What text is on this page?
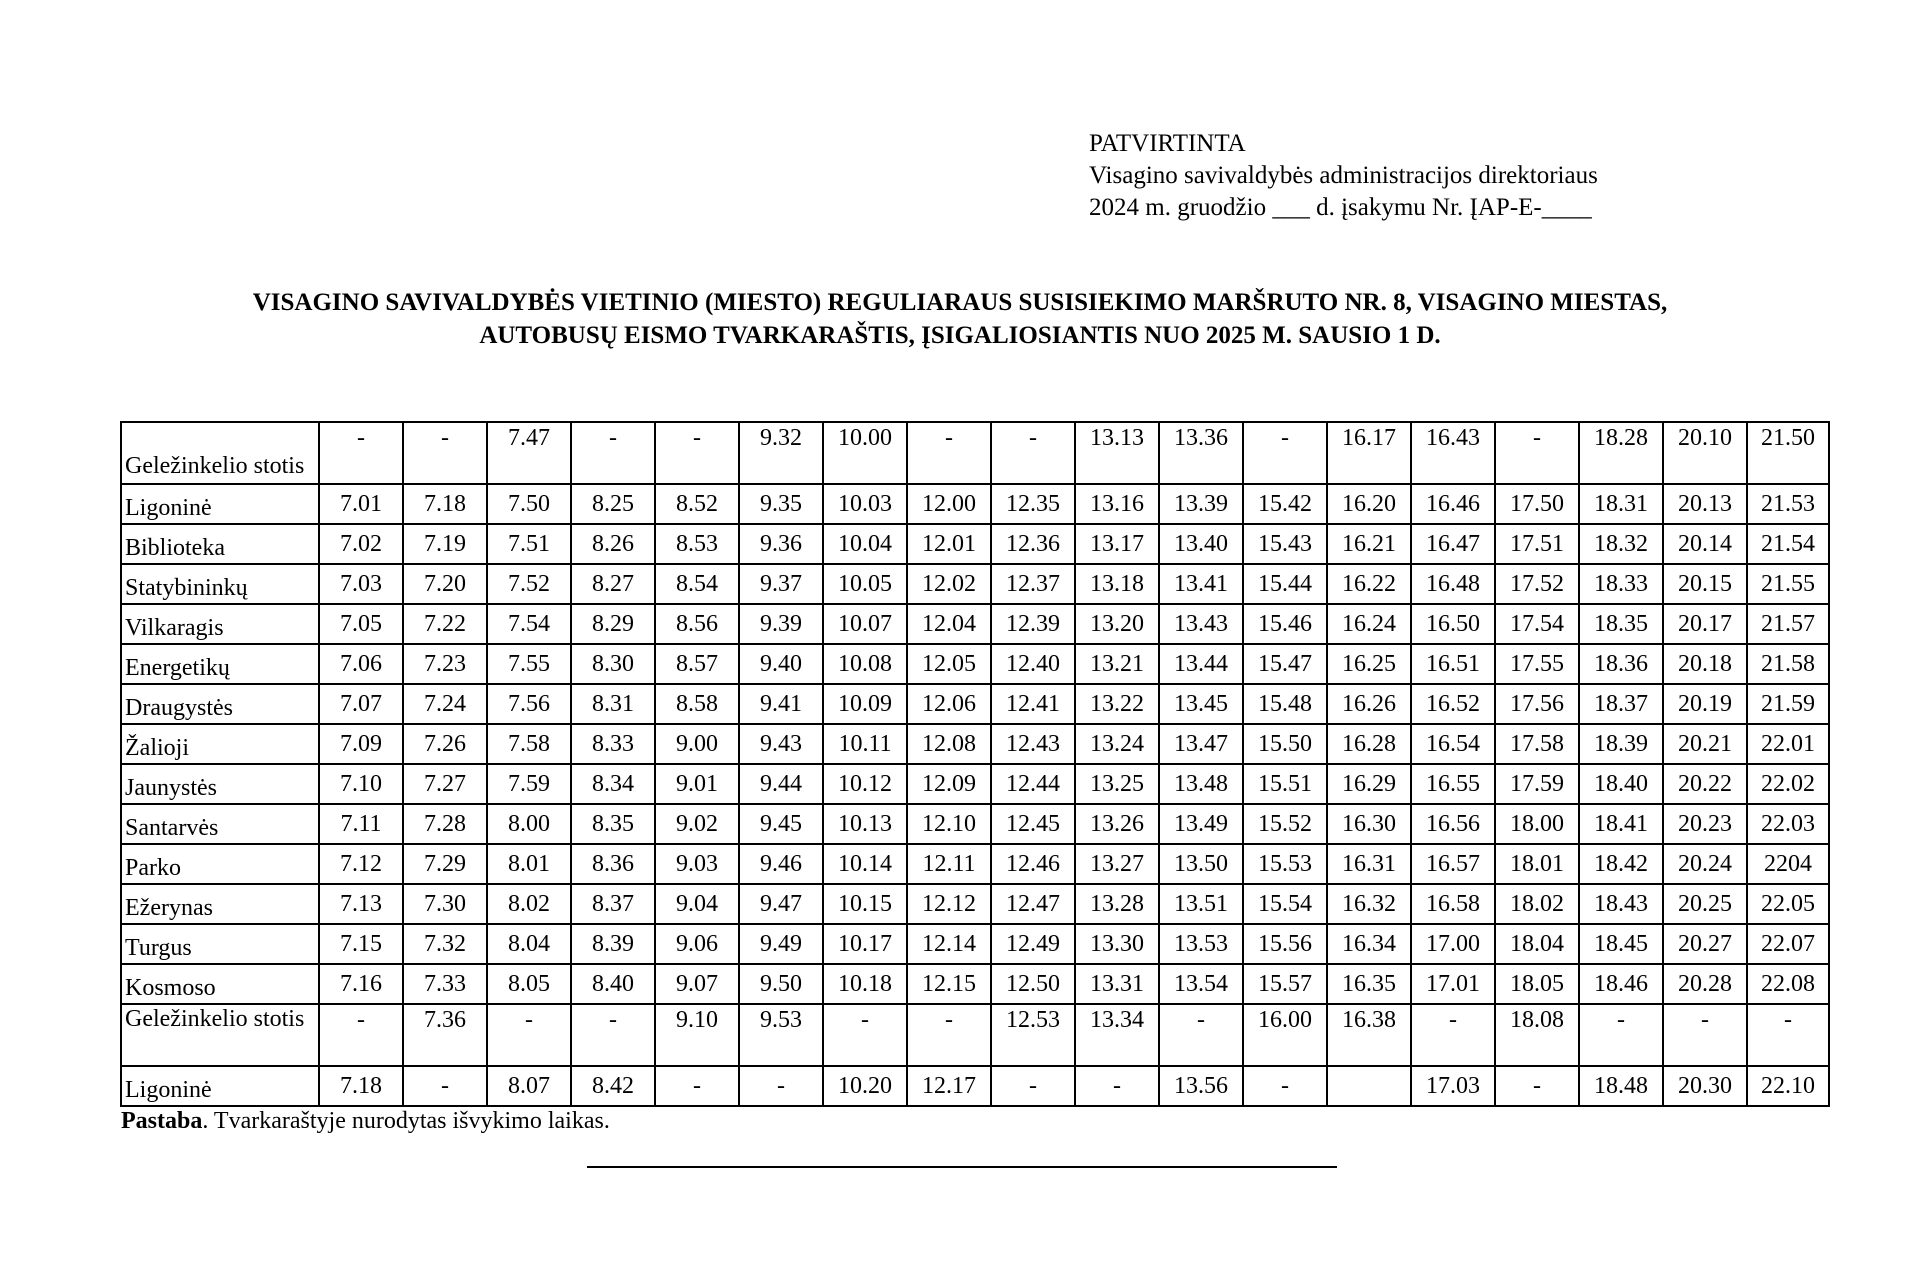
PATVIRTINTA
Visagino savivaldybės administracijos direktoriaus
2024 m. gruodžio ___ d. įsakymu Nr. ĮAP-E-____
VISAGINO SAVIVALDYBĖS VIETINIO (MIESTO) REGULIARAUS SUSISIEKIMO MARŠRUTO NR. 8, VISAGINO MIESTAS,
AUTOBUSŲ EISMO TVARKARAŠTIS, ĮSIGALIOSIANTIS NUO 2025 M. SAUSIO 1 D.
Geležinkelio stotis	-	-	7.47	-	-	9.32	10.00	-	-	13.13	13.36	-	16.17	16.43	-	18.28	20.10	21.50
Ligoninė	7.01	7.18	7.50	8.25	8.52	9.35	10.03	12.00	12.35	13.16	13.39	15.42	16.20	16.46	17.50	18.31	20.13	21.53
Biblioteka	7.02	7.19	7.51	8.26	8.53	9.36	10.04	12.01	12.36	13.17	13.40	15.43	16.21	16.47	17.51	18.32	20.14	21.54
Statybininkų	7.03	7.20	7.52	8.27	8.54	9.37	10.05	12.02	12.37	13.18	13.41	15.44	16.22	16.48	17.52	18.33	20.15	21.55
Vilkaragis	7.05	7.22	7.54	8.29	8.56	9.39	10.07	12.04	12.39	13.20	13.43	15.46	16.24	16.50	17.54	18.35	20.17	21.57
Energetikų	7.06	7.23	7.55	8.30	8.57	9.40	10.08	12.05	12.40	13.21	13.44	15.47	16.25	16.51	17.55	18.36	20.18	21.58
Draugystės	7.07	7.24	7.56	8.31	8.58	9.41	10.09	12.06	12.41	13.22	13.45	15.48	16.26	16.52	17.56	18.37	20.19	21.59
Žalioji	7.09	7.26	7.58	8.33	9.00	9.43	10.11	12.08	12.43	13.24	13.47	15.50	16.28	16.54	17.58	18.39	20.21	22.01
Jaunystės	7.10	7.27	7.59	8.34	9.01	9.44	10.12	12.09	12.44	13.25	13.48	15.51	16.29	16.55	17.59	18.40	20.22	22.02
Santarvės	7.11	7.28	8.00	8.35	9.02	9.45	10.13	12.10	12.45	13.26	13.49	15.52	16.30	16.56	18.00	18.41	20.23	22.03
Parko	7.12	7.29	8.01	8.36	9.03	9.46	10.14	12.11	12.46	13.27	13.50	15.53	16.31	16.57	18.01	18.42	20.24	2204
Ežerynas	7.13	7.30	8.02	8.37	9.04	9.47	10.15	12.12	12.47	13.28	13.51	15.54	16.32	16.58	18.02	18.43	20.25	22.05
Turgus	7.15	7.32	8.04	8.39	9.06	9.49	10.17	12.14	12.49	13.30	13.53	15.56	16.34	17.00	18.04	18.45	20.27	22.07
Kosmoso	7.16	7.33	8.05	8.40	9.07	9.50	10.18	12.15	12.50	13.31	13.54	15.57	16.35	17.01	18.05	18.46	20.28	22.08
Geležinkelio stotis	-	7.36	-	-	9.10	9.53	-	-	12.53	13.34	-	16.00	16.38	-	18.08	-	-	-
Ligoninė	7.18	-	8.07	8.42	-	-	10.20	12.17	-	-	13.56	-		17.03	-	18.48	20.30	22.10
Pastaba. Tvarkaraštyje nurodytas išvykimo laikas.
